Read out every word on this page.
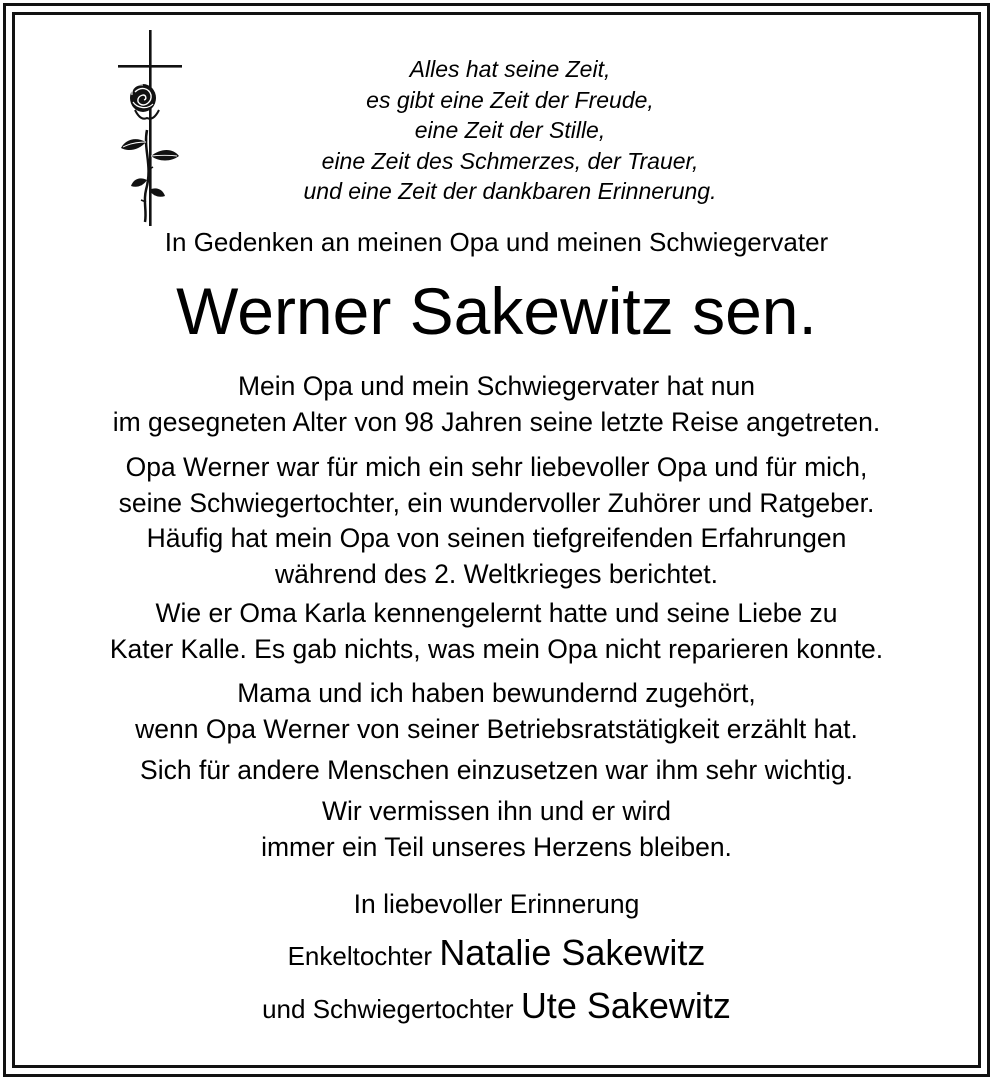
Alles hat seine Zeit,
es gibt eine Zeit der Freude,
eine Zeit der Stille,
eine Zeit des Schmerzes, der Trauer,
und eine Zeit der dankbaren Erinnerung.
In Gedenken an meinen Opa und meinen Schwiegervater
Werner Sakewitz sen.
Mein Opa und mein Schwiegervater hat nun
im gesegneten Alter von 98 Jahren seine letzte Reise angetreten.
Opa Werner war für mich ein sehr liebevoller Opa und für mich,
seine Schwiegertochter, ein wundervoller Zuhörer und Ratgeber.
Häufig hat mein Opa von seinen tiefgreifenden Erfahrungen
während des 2. Weltkrieges berichtet.
Wie er Oma Karla kennengelernt hatte und seine Liebe zu
Kater Kalle. Es gab nichts, was mein Opa nicht reparieren konnte.
Mama und ich haben bewundernd zugehört,
wenn Opa Werner von seiner Betriebsratstätigkeit erzählt hat.
Sich für andere Menschen einzusetzen war ihm sehr wichtig.
Wir vermissen ihn und er wird
immer ein Teil unseres Herzens bleiben.
In liebevoller Erinnerung
Enkeltochter Natalie Sakewitz
und Schwiegertochter Ute Sakewitz
